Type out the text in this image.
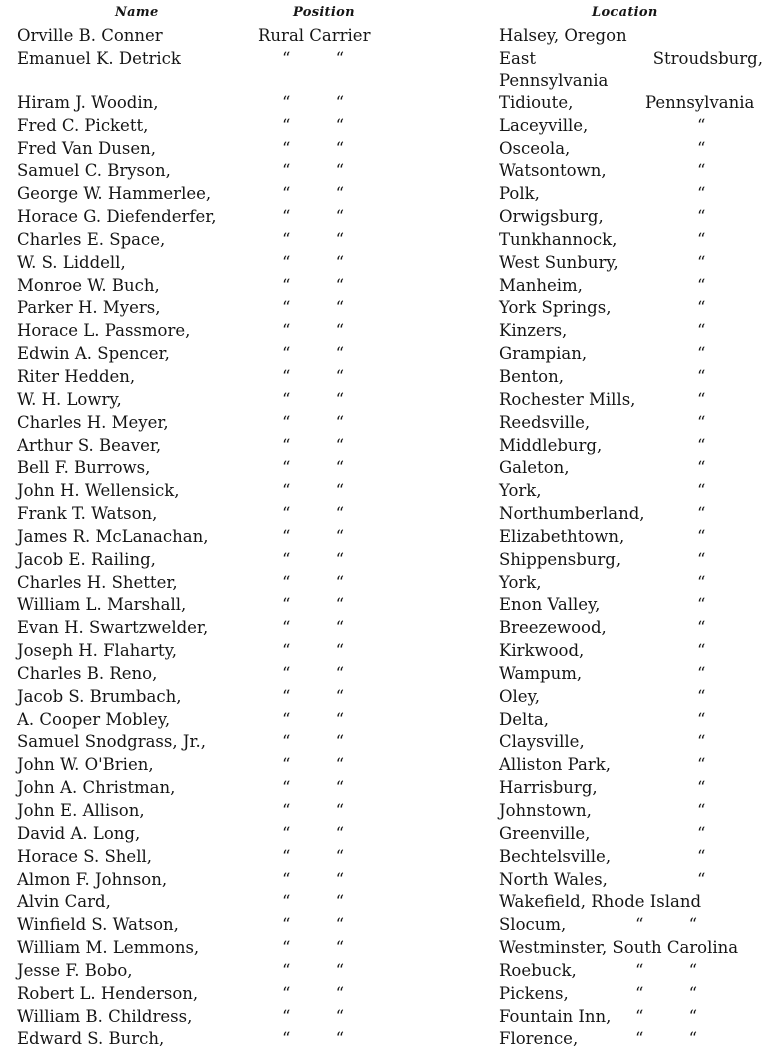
Name	Position	Location
Orville B. Conner	Rural Carrier	Halsey, Oregon
Emanuel K. Detrick	“ “	East Stroudsburg, Pennsylvania
Hiram J. Woodin,	“ “	Tidioute,	Pennsylvania
Fred C. Pickett,	“ “	Laceyville,	“
Fred Van Dusen,	“ “	Osceola,	“
Samuel C. Bryson,	“ “	Watsontown,	“
George W. Hammerlee,	“ “	Polk,	“
Horace G. Diefenderfer,	“ “	Orwigsburg,	“
Charles E. Space,	“ “	Tunkhannock,	“
W. S. Liddell,	“ “	West Sunbury,	“
Monroe W. Buch,	“ “	Manheim,	“
Parker H. Myers,	“ “	York Springs,	“
Horace L. Passmore,	“ “	Kinzers,	“
Edwin A. Spencer,	“ “	Grampian,	“
Riter Hedden,	“ “	Benton,	“
W. H. Lowry,	“ “	Rochester Mills,	“
Charles H. Meyer,	“ “	Reedsville,	“
Arthur S. Beaver,	“ “	Middleburg,	“
Bell F. Burrows,	“ “	Galeton,	“
John H. Wellensick,	“ “	York,	“
Frank T. Watson,	“ “	Northumberland,	“
James R. McLanachan,	“ “	Elizabethtown,	“
Jacob E. Railing,	“ “	Shippensburg,	“
Charles H. Shetter,	“ “	York,	“
William L. Marshall,	“ “	Enon Valley,	“
Evan H. Swartzwelder,	“ “	Breezewood,	“
Joseph H. Flaharty,	“ “	Kirkwood,	“
Charles B. Reno,	“ “	Wampum,	“
Jacob S. Brumbach,	“ “	Oley,	“
A. Cooper Mobley,	“ “	Delta,	“
Samuel Snodgrass, Jr.,	“ “	Claysville,	“
John W. O'Brien,	“ “	Alliston Park,	“
John A. Christman,	“ “	Harrisburg,	“
John E. Allison,	“ “	Johnstown,	“
David A. Long,	“ “	Greenville,	“
Horace S. Shell,	“ “	Bechtelsville,	“
Almon F. Johnson,	“ “	North Wales,	“
Alvin Card,	“ “	Wakefield, Rhode Island
Winfield S. Watson,	“ “	Slocum,	“ “
William M. Lemmons,	“ “	Westminster, South Carolina
Jesse F. Bobo,	“ “	Roebuck,	“ “
Robert L. Henderson,	“ “	Pickens,	“ “
William B. Childress,	“ “	Fountain Inn, “ “
Edward S. Burch,	“ “	Florence,	“ “
